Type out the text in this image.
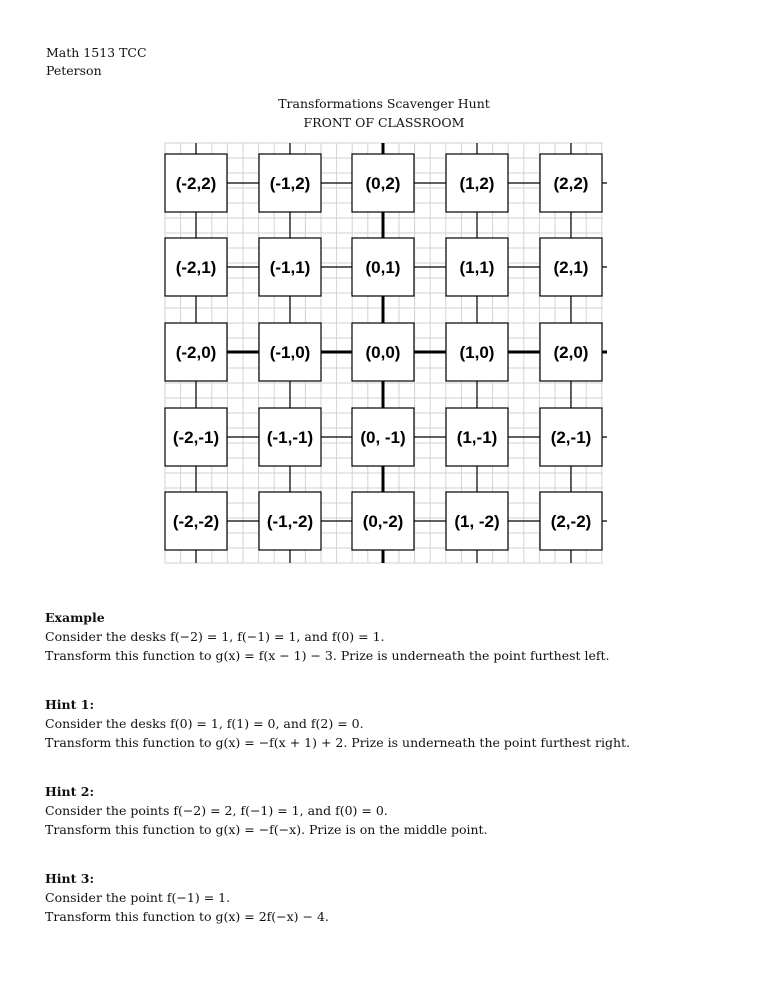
Math 1513 TCC
Peterson
Transformations Scavenger Hunt
FRONT OF CLASSROOM
(-2,2)	(-1,2)	(0,2)	(1,2)	(2,2)
(-2,1)	(-1,1)	(0,1)	(1,1)	(2,1)
(-2,0)	(-1,0)	(0,0)	(1,0)	(2,0)
(-2,-1)	(-1,-1)	(0, -1)	(1,-1)	(2,-1)
(-2,-2)	(-1,-2)	(0,-2)	(1, -2)	(2,-2)
Example
Consider the desks f(−2) = 1, f(−1) = 1, and f(0) = 1.
Transform this function to g(x) = f(x − 1) − 3. Prize is underneath the point furthest left.
Hint 1:
Consider the desks f(0) = 1, f(1) = 0, and f(2) = 0.
Transform this function to g(x) = −f(x + 1) + 2. Prize is underneath the point furthest right.
Hint 2:
Consider the points f(−2) = 2, f(−1) = 1, and f(0) = 0.
Transform this function to g(x) = −f(−x). Prize is on the middle point.
Hint 3:
Consider the point f(−1) = 1.
Transform this function to g(x) = 2f(−x) − 4.
